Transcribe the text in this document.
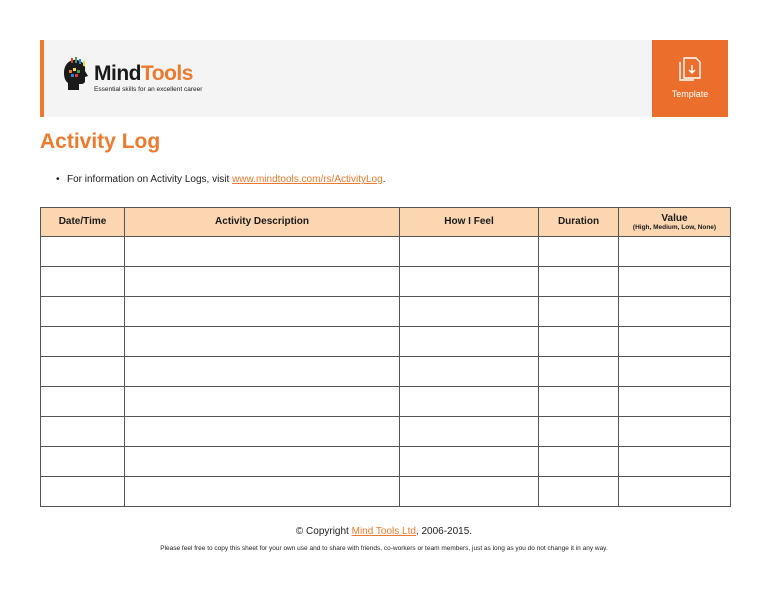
MindTools
Essential skills for an excellent career	Template
Activity Log
• For information on Activity Logs, visit www.mindtools.com/rs/ActivityLog.
Date/Time	Activity Description	How I Feel	Duration	Value
(High, Medium, Low, None)

© Copyright Mind Tools Ltd, 2006-2015.
Please feel free to copy this sheet for your own use and to share with friends, co-workers or team members, just as long as you do not change it in any way.
